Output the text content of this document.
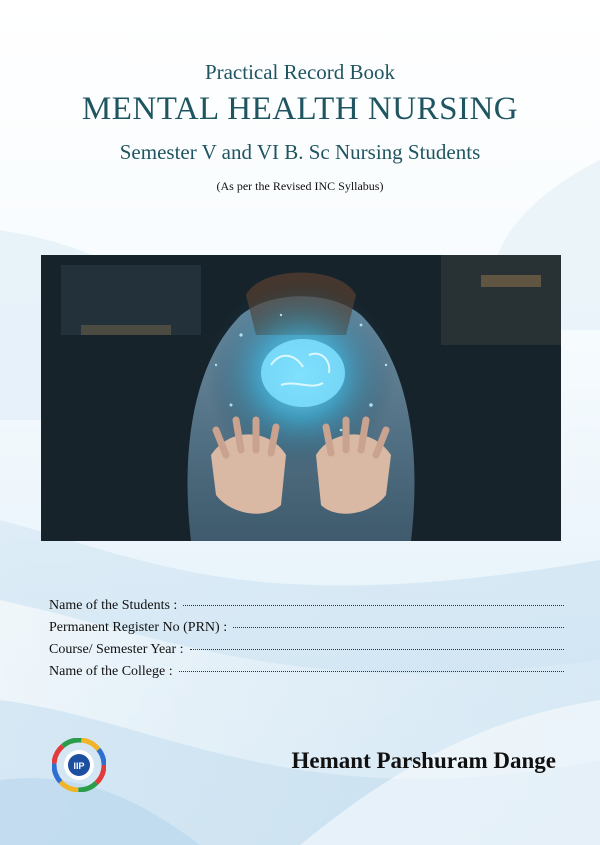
Practical Record Book

MENTAL HEALTH NURSING

Semester V and VI B. Sc Nursing Students

(As per the Revised INC Syllabus)

Name of the Students :
Permanent Register No (PRN) :
Course/ Semester Year :
Name of the College :
IIP	Hemant Parshuram Dange
